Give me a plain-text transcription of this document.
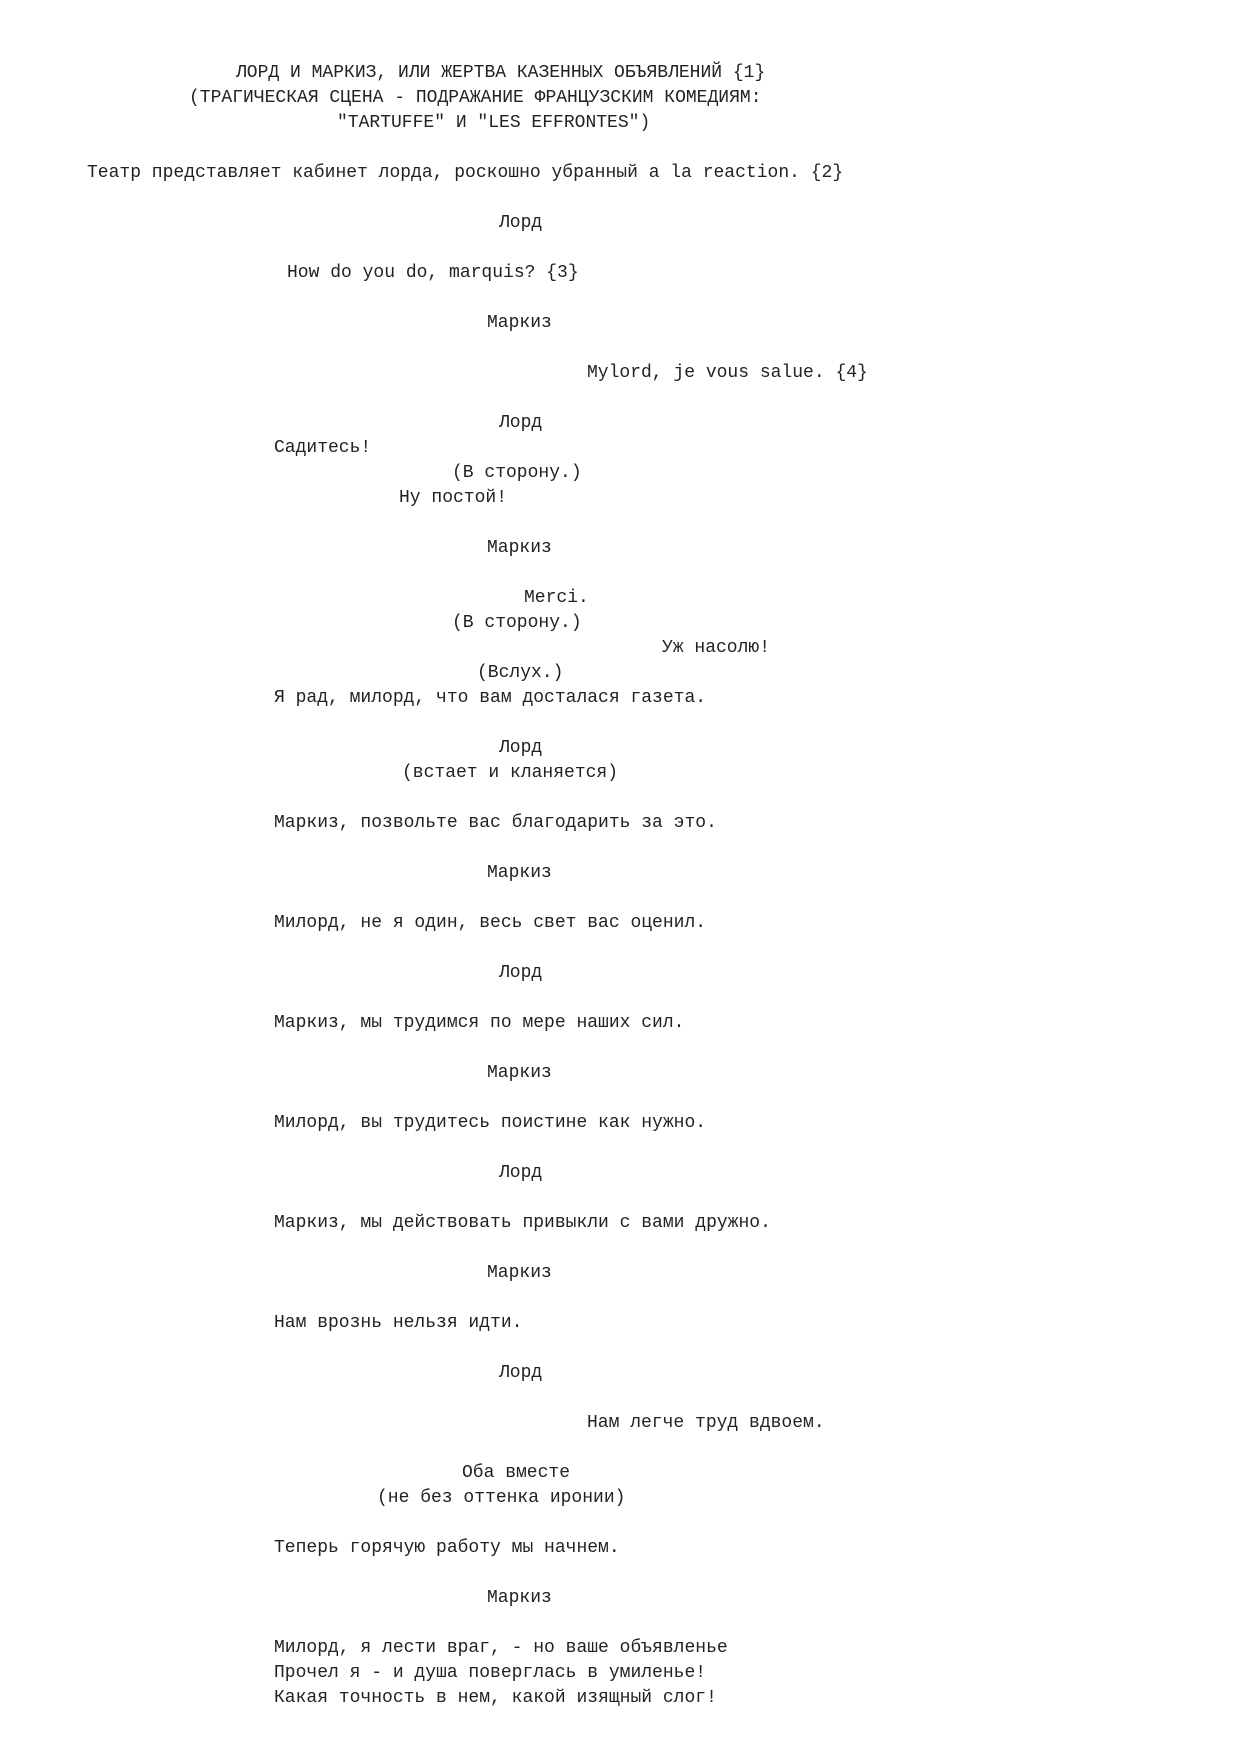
ЛОРД И МАРКИЗ, ИЛИ ЖЕРТВА КАЗЕННЫХ ОБЪЯВЛЕНИЙ {1}
(ТРАГИЧЕСКАЯ СЦЕНА - ПОДРАЖАНИЕ ФРАНЦУЗСКИМ КОМЕДИЯМ:
"TARTUFFE" И "LES EFFRONTES")
Театр представляет кабинет лорда, роскошно убранный a la reaction. {2}
Лорд
How do you do, marquis? {3}
Маркиз
Mylord, je vous salue. {4}
Лорд
Садитесь!
(В сторону.)
Ну постой!
Маркиз
Merci.
(В сторону.)
Уж насолю!
(Вслух.)
Я рад, милорд, что вам досталася газета.
Лорд
(встает и кланяется)
Маркиз, позвольте вас благодарить за это.
Маркиз
Милорд, не я один, весь свет вас оценил.
Лорд
Маркиз, мы трудимся по мере наших сил.
Маркиз
Милорд, вы трудитесь поистине как нужно.
Лорд
Маркиз, мы действовать привыкли с вами дружно.
Маркиз
Нам врознь нельзя идти.
Лорд
Нам легче труд вдвоем.
Оба вместе
(не без оттенка иронии)
Теперь горячую работу мы начнем.
Маркиз
Милорд, я лести враг, - но ваше объявленье
Прочел я - и душа поверглась в умиленье!
Какая точность в нем, какой изящный слог!
